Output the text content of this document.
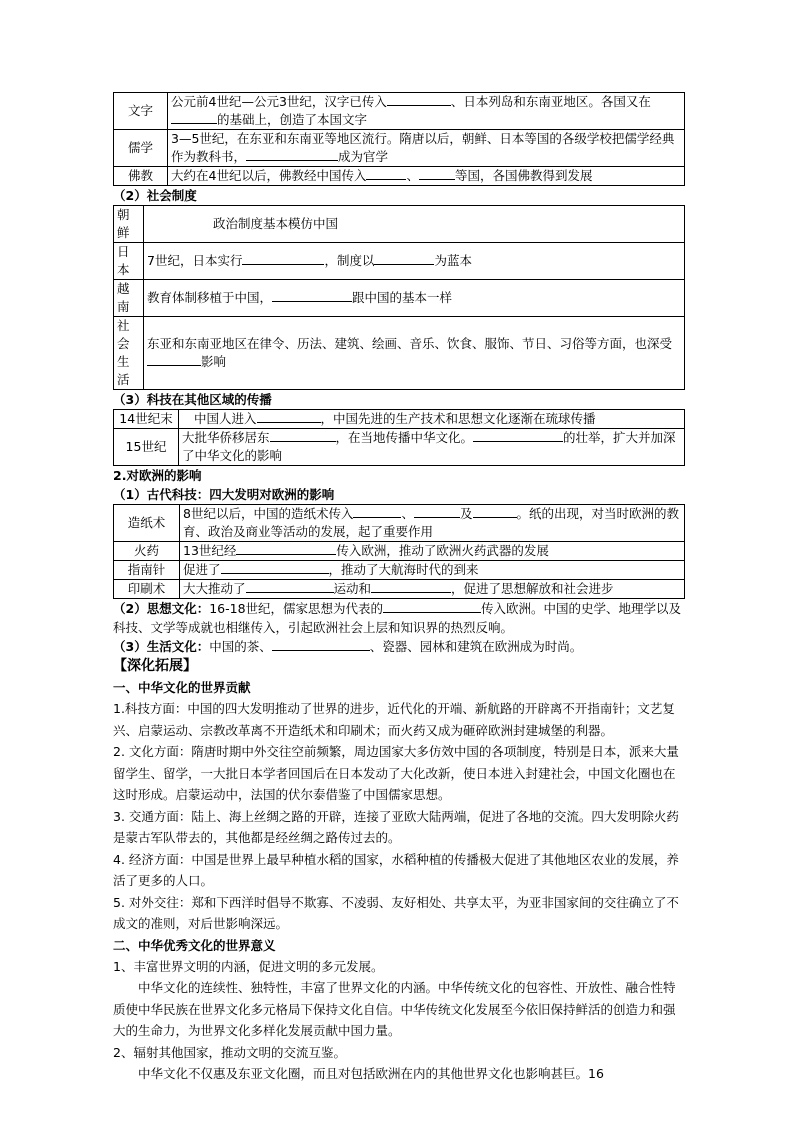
文字	公元前4世纪—公元3世纪，汉字已传入 、日本列岛和东南亚地区。各国又在的基础上，创造了本国文字
儒学	3—5世纪，在东亚和东南亚等地区流行。隋唐以后，朝鲜、日本等国的各级学校把儒学经典作为教科书， 成为官学
佛教	大约在4世纪以后，佛教经中国传入 、 等国，各国佛教得到发展
（2）社会制度
朝鲜	政治制度基本模仿中国
日本	7世纪，日本实行 ，制度以 为蓝本
越南	教育体制移植于中国， 跟中国的基本一样
社会生活	东亚和东南亚地区在律令、历法、建筑、绘画、音乐、饮食、服饰、节日、习俗等方面，也深受影响
（3）科技在其他区域的传播
14世纪末	中国人进入 ，中国先进的生产技术和思想文化逐渐在琉球传播
15世纪	大批华侨移居东 ，在当地传播中华文化。 的壮举，扩大并加深了中华文化的影响
2.对欧洲的影响
（1）古代科技：四大发明对欧洲的影响
造纸术	8世纪以后，中国的造纸术传入 、 及 。纸的出现，对当时欧洲的教育、政治及商业等活动的发展，起了重要作用
火药	13世纪经 传入欧洲，推动了欧洲火药武器的发展
指南针	促进了 ，推动了大航海时代的到来
印刷术	大大推动了 运动和 ，促进了思想解放和社会进步
（2）思想文化：16-18世纪，儒家思想为代表的	传入欧洲。中国的史学、地理学以及科技、文学等成就也相继传入，引起欧洲社会上层和知识界的热烈反响。
（3）生活文化：中国的茶、	、瓷器、园林和建筑在欧洲成为时尚。
【深化拓展】
一、中华文化的世界贡献

1.科技方面：中国的四大发明推动了世界的进步，近代化的开端、新航路的开辟离不开指南针；文艺复兴、启蒙运动、宗教改革离不开造纸术和印刷术；而火药又成为砸碎欧洲封建城堡的利器。

2. 文化方面：隋唐时期中外交往空前频繁，周边国家大多仿效中国的各项制度，特别是日本，派来大量留学生、留学，一大批日本学者回国后在日本发动了大化改新，使日本进入封建社会，中国文化圈也在这时形成。启蒙运动中，法国的伏尔泰借鉴了中国儒家思想。

3. 交通方面：陆上、海上丝绸之路的开辟，连接了亚欧大陆两端，促进了各地的交流。四大发明除火药是蒙古军队带去的，其他都是经丝绸之路传过去的。

4. 经济方面：中国是世界上最早种植水稻的国家，水稻种植的传播极大促进了其他地区农业的发展，养活了更多的人口。

5. 对外交往：郑和下西洋时倡导不欺寡、不凌弱、友好相处、共享太平，为亚非国家间的交往确立了不成文的准则，对后世影响深远。

二、中华优秀文化的世界意义

1、丰富世界文明的内涵，促进文明的多元发展。

中华文化的连续性、独特性，丰富了世界文化的内涵。中华传统文化的包容性、开放性、融合性特质使中华民族在世界文化多元格局下保持文化自信。中华传统文化发展至今依旧保持鲜活的创造力和强大的生命力，为世界文化多样化发展贡献中国力量。

2、辐射其他国家，推动文明的交流互鉴。

中华文化不仅惠及东亚文化圈，而且对包括欧洲在内的其他世界文化也影响甚巨。16
